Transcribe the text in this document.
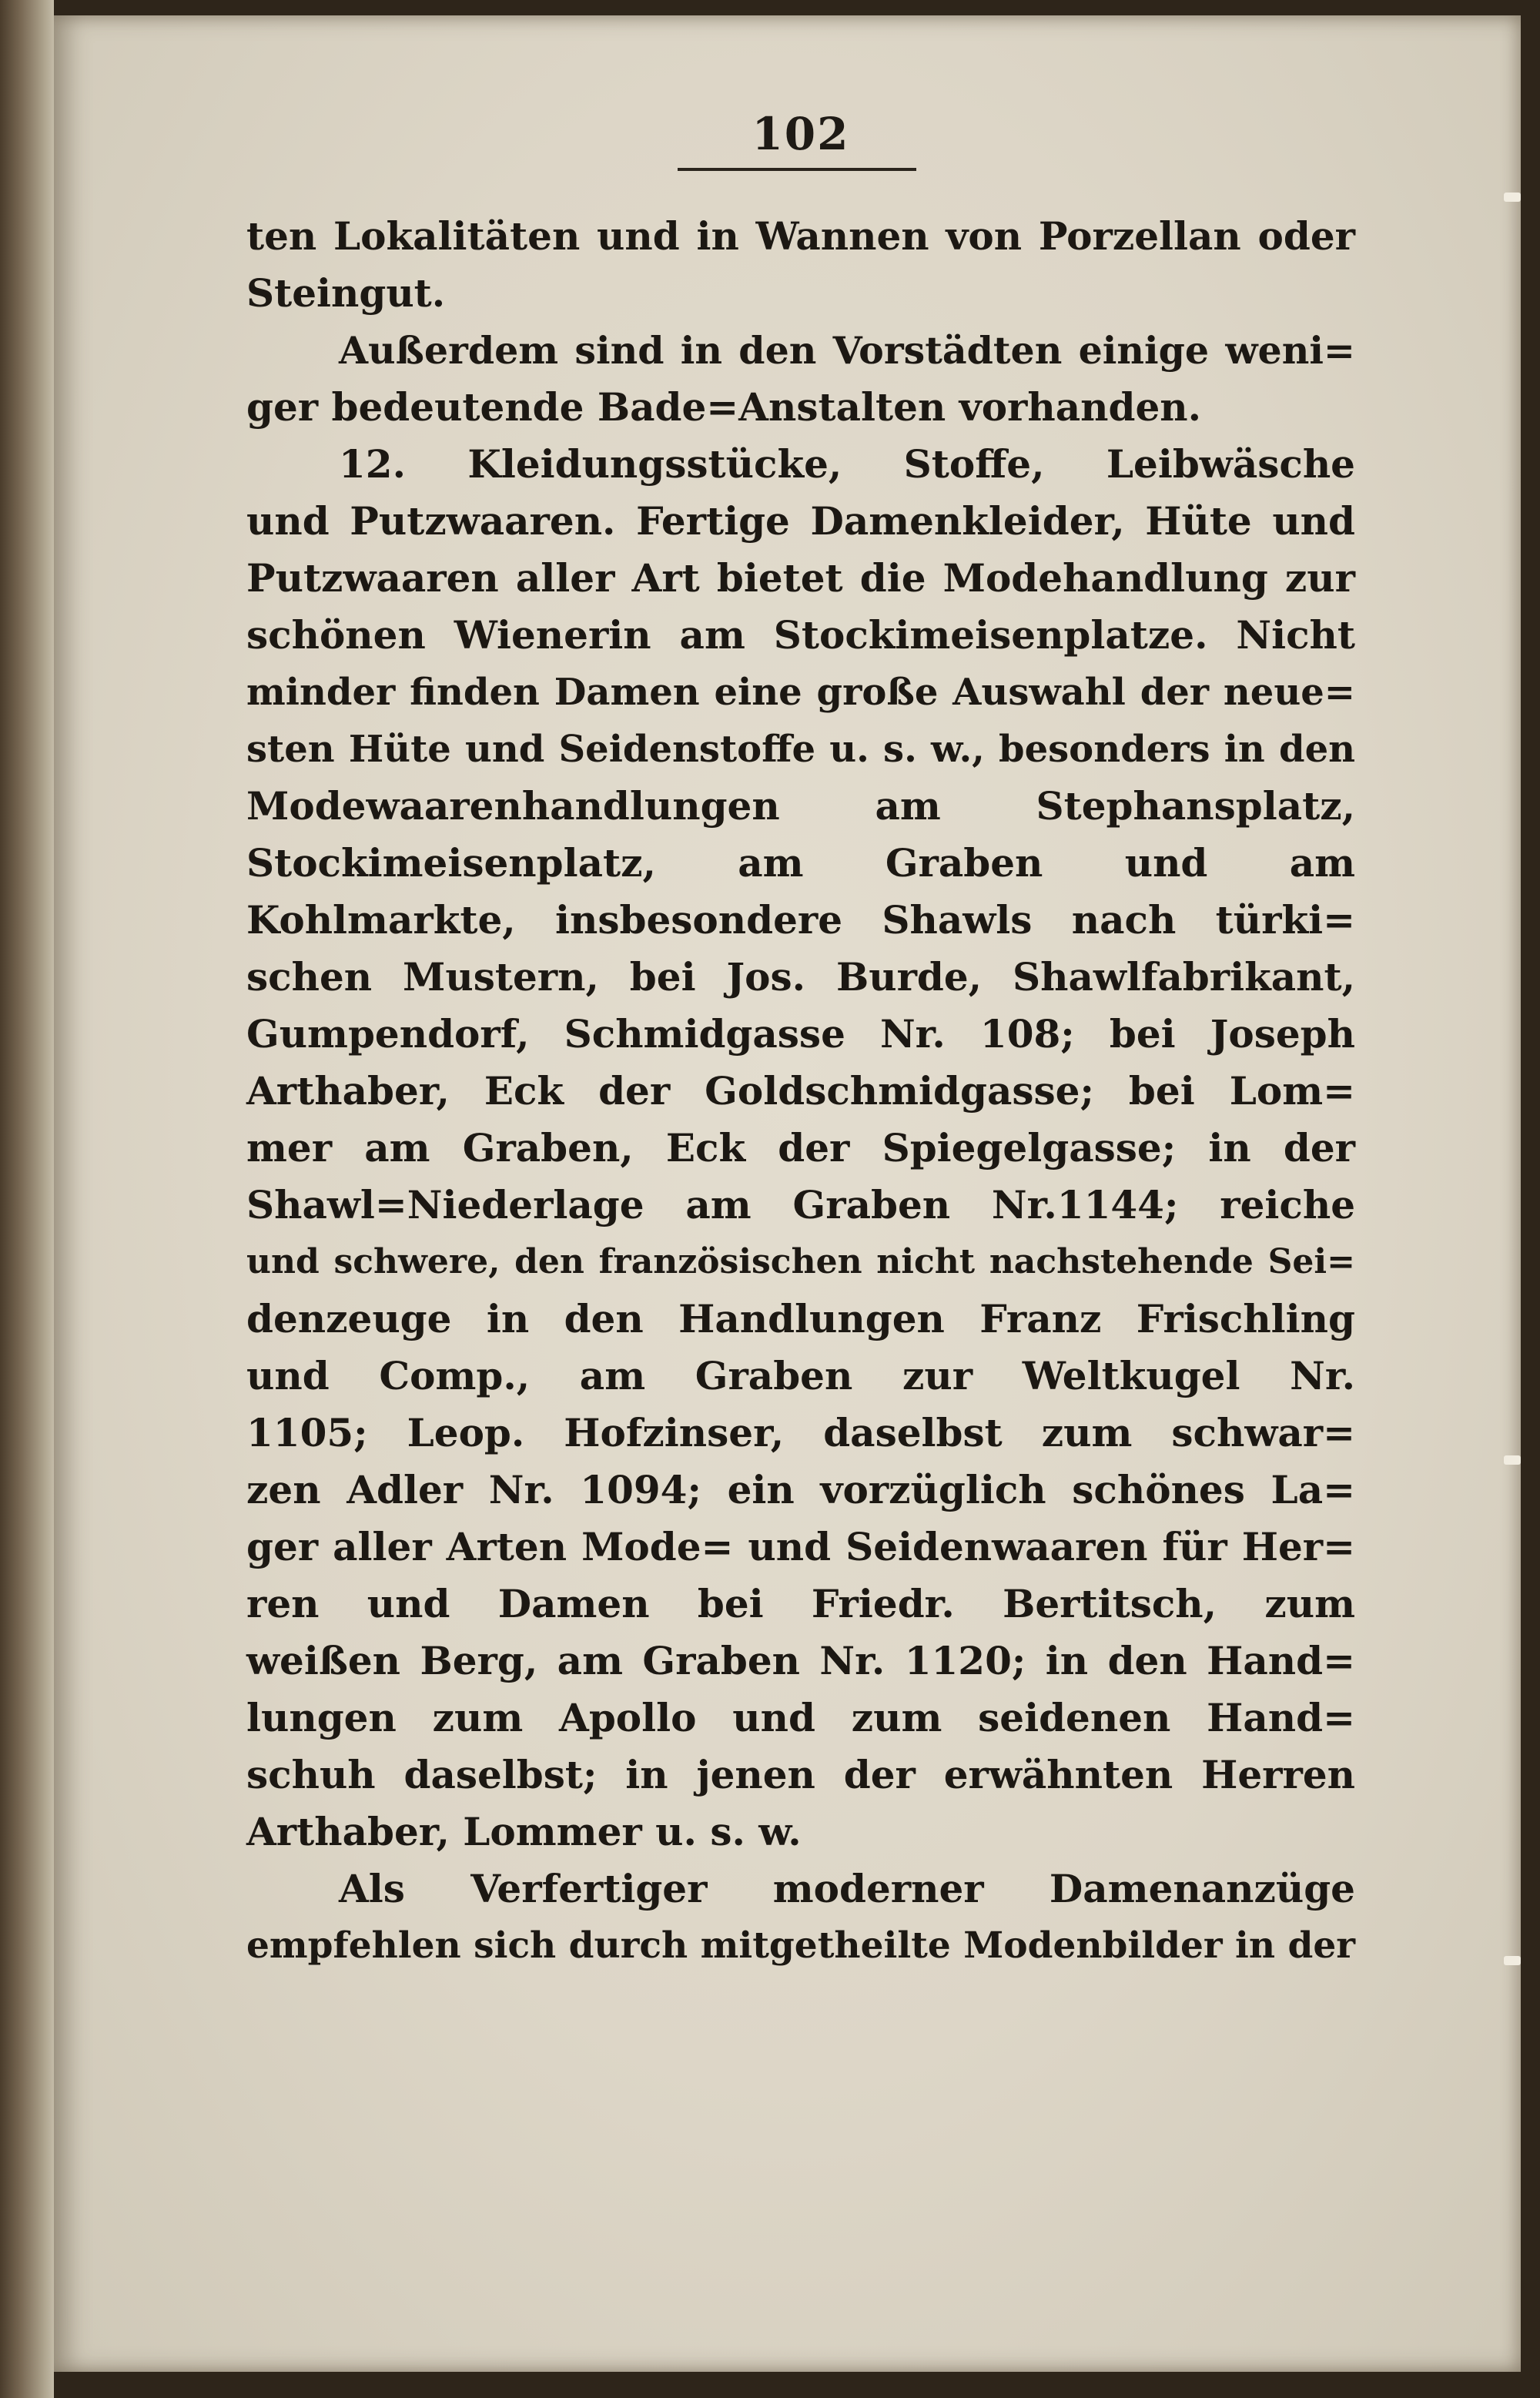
102
ten Lokalitäten und in Wannen von Porzellan oder
Steingut.
Außerdem sind in den Vorstädten einige weni=
ger bedeutende Bade=Anstalten vorhanden.
12. Kleidungsstücke, Stoffe, Leibwäsche
und Putzwaaren. Fertige Damenkleider, Hüte und
Putzwaaren aller Art bietet die Modehandlung zur
schönen Wienerin am Stockimeisenplatze. Nicht
minder finden Damen eine große Auswahl der neue=
sten Hüte und Seidenstoffe u. s. w., besonders in den
Modewaarenhandlungen am Stephansplatz,
Stockimeisenplatz, am Graben und am
Kohlmarkte, insbesondere Shawls nach türki=
schen Mustern, bei Jos. Burde, Shawlfabrikant,
Gumpendorf, Schmidgasse Nr. 108; bei Joseph
Arthaber, Eck der Goldschmidgasse; bei Lom=
mer am Graben, Eck der Spiegelgasse; in der
Shawl=Niederlage am Graben Nr.1144; reiche
und schwere, den französischen nicht nachstehende Sei=
denzeuge in den Handlungen Franz Frischling
und Comp., am Graben zur Weltkugel Nr.
1105; Leop. Hofzinser, daselbst zum schwar=
zen Adler Nr. 1094; ein vorzüglich schönes La=
ger aller Arten Mode= und Seidenwaaren für Her=
ren und Damen bei Friedr. Bertitsch, zum
weißen Berg, am Graben Nr. 1120; in den Hand=
lungen zum Apollo und zum seidenen Hand=
schuh daselbst; in jenen der erwähnten Herren
Arthaber, Lommer u. s. w.
Als Verfertiger moderner Damenanzüge
empfehlen sich durch mitgetheilte Modenbilder in der
